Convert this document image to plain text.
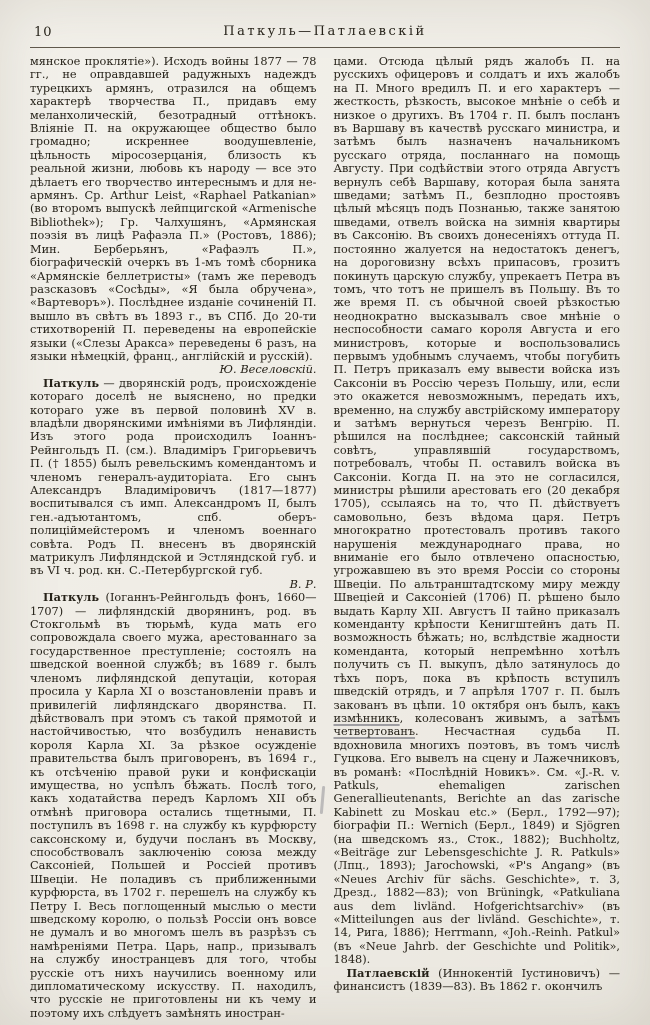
10	Паткуль—Патлаевскій

мянское проклятіе»). Исходъ войны 1877 — 78 гг., не оправдавшей радужныхъ надеждъ турецкихъ армянъ, отразился на общемъ характерѣ творчества П., придавъ ему меланхолическій, безотрадный оттѣнокъ. Вліяніе П. на окружающее общество было громадно; искреннее воодушевленіе, цѣльность міросозерцанія, близость къ реальной жизни, любовь къ народу — все это дѣлаетъ его творчество интереснымъ и для не-армянъ. Ср. Arthur Leist, «Raphael Patkanian» (во второмъ выпускѣ лейпцигской «Armenische Bibliothek»); Гр. Чалхушянъ, «Армянская поэзія въ лицѣ Рафаэла П.» (Ростовъ, 1886); Мин. Берберьянъ, «Рафаэлъ П.», біографическій очеркъ въ 1-мъ томѣ сборника «Армянскіе беллетристы» (тамъ же переводъ разсказовъ «Сосѣды», «Я была обручена», «Вартеворъ»). Послѣднее изданіе сочиненій П. вышло въ свѣтъ въ 1893 г., въ СПб. До 20-ти стихотвореній П. переведены на европейскіе языки («Слезы Аракса» переведены 6 разъ, на языки нѣмецкій, франц., англійскій и русскій).

Ю. Веселовскій.

Паткуль — дворянскій родъ, происхожденіе котораго доселѣ не выяснено, но предки котораго уже въ первой половинѣ XV в. владѣли дворянскими имѣніями въ Лифляндіи. Изъ этого рода происходилъ Іоаннъ-Рейнгольдъ П. (см.). Владиміръ Григорьевичъ П. († 1855) былъ ревельскимъ комендантомъ и членомъ генералъ-аудиторіата. Его сынъ Александръ Владиміровичъ (1817—1877) воспитывался съ имп. Александромъ II, былъ ген.-адъютантомъ, спб. оберъ-полиціймейстеромъ и членомъ военнаго совѣта. Родъ П. внесенъ въ дворянскій матрикулъ Лифляндской и Эстляндской губ. и въ VI ч. род. кн. С.-Петербургской губ.

В. Р.

Паткуль (Іоганнъ-Рейнгольдъ фонъ, 1660—1707) — лифляндскій дворянинъ, род. въ Стокгольмѣ въ тюрьмѣ, куда мать его сопровождала своего мужа, арестованнаго за государственное преступленіе; состоялъ на шведской военной службѣ; въ 1689 г. былъ членомъ лифляндской депутаціи, которая просила у Карла XI о возстановленіи правъ и привилегій лифляндскаго дворянства. П. дѣйствовалъ при этомъ съ такой прямотой и настойчивостью, что возбудилъ ненависть короля Карла XI. За рѣзкое осужденіе правительства былъ приговоренъ, въ 1694 г., къ отсѣченію правой руки и конфискаціи имущества, но успѣлъ бѣжать. Послѣ того, какъ ходатайства передъ Карломъ XII объ отмѣнѣ приговора остались тщетными, П. поступилъ въ 1698 г. на службу къ курфюрсту саксонскому и, будучи посланъ въ Москву, способствовалъ заключенію союза между Саксоніей, Польшей и Россіей противъ Швеціи. Не поладивъ съ приближенными курфюрста, въ 1702 г. перешелъ на службу къ Петру I. Весь поглощенный мыслью о мести шведскому королю, о пользѣ Россіи онъ вовсе не думалъ и во многомъ шелъ въ разрѣзъ съ намѣреніями Петра. Царь, напр., призывалъ на службу иностранцевъ для того, чтобы русскіе отъ нихъ научились военному или дипломатическому искусству. П. находилъ, что русскіе не приготовлены ни къ чему и поэтому ихъ слѣдуетъ замѣнять иностран-

цами. Отсюда цѣлый рядъ жалобъ П. на русскихъ офицеровъ и солдатъ и ихъ жалобъ на П. Много вредилъ П. и его характеръ — жесткость, рѣзкость, высокое мнѣніе о себѣ и низкое о другихъ. Въ 1704 г. П. былъ посланъ въ Варшаву въ качествѣ русскаго министра, и затѣмъ былъ назначенъ начальникомъ русскаго отряда, посланнаго на помощь Августу. При содѣйствіи этого отряда Августъ вернулъ себѣ Варшаву, которая была занята шведами; затѣмъ П., безплодно простоявъ цѣлый мѣсяцъ подъ Познанью, также занятою шведами, отвелъ войска на зимнія квартиры въ Саксонію. Въ своихъ донесеніяхъ оттуда П. постоянно жалуется на недостатокъ денегъ, на дороговизну всѣхъ припасовъ, грозитъ покинуть царскую службу, упрекаетъ Петра въ томъ, что тотъ не пришелъ въ Польшу. Въ то же время П. съ обычной своей рѣзкостью неоднократно высказывалъ свое мнѣніе о неспособности самаго короля Августа и его министровъ, которые и воспользовались первымъ удобнымъ случаемъ, чтобы погубить П. Петръ приказалъ ему вывести войска изъ Саксоніи въ Россію черезъ Польшу, или, если это окажется невозможнымъ, передать ихъ, временно, на службу австрійскому императору и затѣмъ вернуться черезъ Венгрію. П. рѣшился на послѣднее; саксонскій тайный совѣтъ, управлявшій государствомъ, потребовалъ, чтобы П. оставилъ войска въ Саксоніи. Когда П. на это не согласился, министры рѣшили арестовать его (20 декабря 1705), ссылаясь на то, что П. дѣйствуетъ самовольно, безъ вѣдома царя. Петръ многократно протестовалъ противъ такого нарушенія международнаго права, но вниманіе его было отвлечено опасностью, угрожавшею въ это время Россіи со стороны Швеціи. По альтранштадтскому миру между Швеціей и Саксоніей (1706) П. рѣшено было выдать Карлу XII. Августъ II тайно приказалъ коменданту крѣпости Кенигштейнъ дать П. возможность бѣжать; но, вслѣдствіе жадности коменданта, который непремѣнно хотѣлъ получить съ П. выкупъ, дѣло затянулось до тѣхъ поръ, пока въ крѣпость вступилъ шведскій отрядъ, и 7 апрѣля 1707 г. П. былъ закованъ въ цѣпи. 10 октября онъ былъ, какъ измѣнникъ, колесованъ живымъ, а затѣмъ четвертованъ. Несчастная судьба П. вдохновила многихъ поэтовъ, въ томъ числѣ Гуцкова. Его вывелъ на сцену и Лажечниковъ, въ романѣ: «Послѣдній Новикъ». См. «J.-R. v. Patkuls, ehemaligen zarischen Generallieutenants, Berichte an das zarische Kabinett zu Moskau etc.» (Берл., 1792—97); біографіи П.: Wernich (Берл., 1849) и Sjögren (на шведскомъ яз., Сток., 1882); Buchholtz, «Beiträge zur Lebensgeschichte J. R. Patkuls» (Лпц., 1893); Jarochowski, «P's Angang» (въ «Neues Archiv für sächs. Geschichte», т. 3, Дрезд., 1882—83); von Brüningk, «Patkuliana aus dem livländ. Hofgerichtsarchiv» (въ «Mitteilungen aus der livländ. Geschichte», т. 14, Рига, 1886); Herrmann, «Joh.-Reinh. Patkul» (въ «Neue Jahrb. der Geschichte und Politik», 1848).

Патлаевскій (Иннокентій Іустиновичъ) — финансистъ (1839—83). Въ 1862 г. окончилъ
